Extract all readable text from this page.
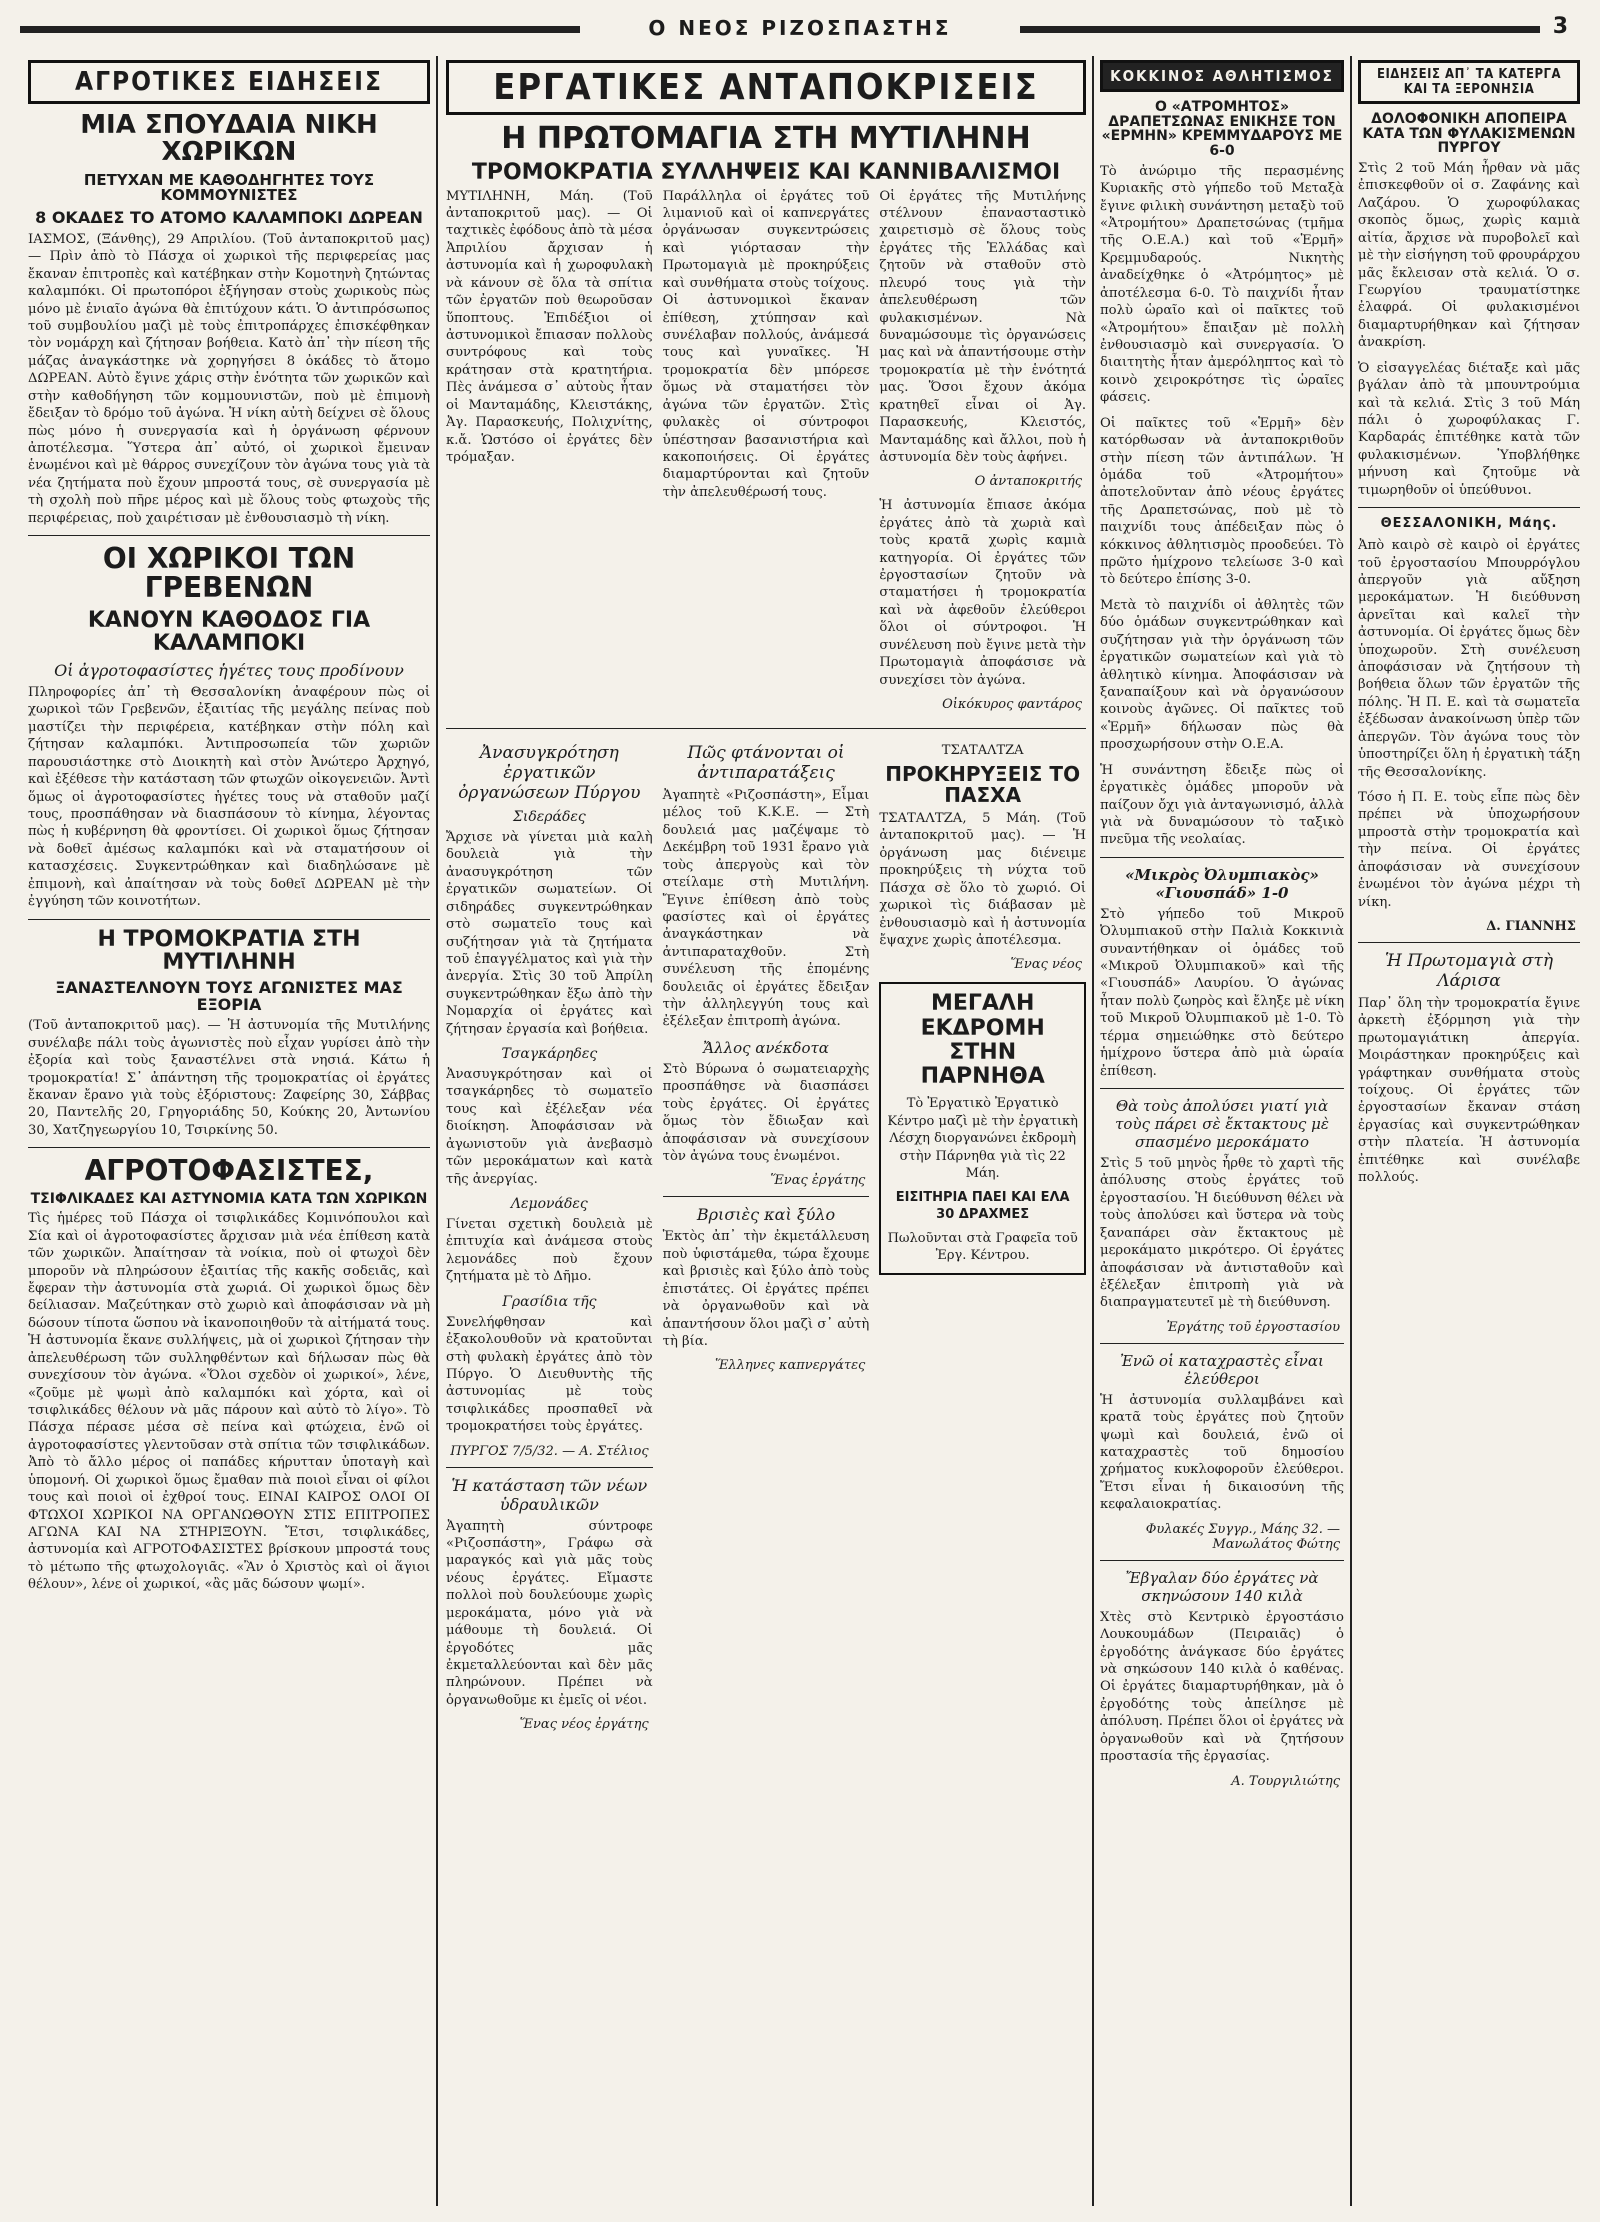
Ο ΝΕΟΣ ΡΙΖΟΣΠΑΣΤΗΣ	3
ΑΓΡΟΤΙΚΕΣ ΕΙΔΗΣΕΙΣ
ΜΙΑ ΣΠΟΥΔΑΙΑ ΝΙΚΗ ΧΩΡΙΚΩΝ
ΠΕΤΥΧΑΝ ΜΕ ΚΑΘΟΔΗΓΗΤΕΣ ΤΟΥΣ ΚΟΜΜΟΥΝΙΣΤΕΣ
8 ΟΚΑΔΕΣ ΤΟ ΑΤΟΜΟ ΚΑΛΑΜΠΟΚΙ ΔΩΡΕΑΝ

ΙΑΣΜΟΣ, (Ξάνθης), 29 Απριλίου. (Τοῦ ἀνταποκριτοῦ μας) — Πρὶν ἀπὸ τὸ Πάσχα οἱ χωρικοὶ τῆς περιφερείας μας ἔκαναν ἐπιτροπὲς καὶ κατέβηκαν στὴν Κομοτηνὴ ζητώντας καλαμπόκι. Οἱ πρωτοπόροι ἐξήγησαν στοὺς χωρικοὺς πὼς μόνο μὲ ἑνιαῖο ἀγώνα θὰ ἐπιτύχουν κάτι. Ὁ ἀντιπρόσωπος τοῦ συμβουλίου μαζὶ μὲ τοὺς ἐπιτροπάρχες ἐπισκέφθηκαν τὸν νομάρχη καὶ ζήτησαν βοήθεια. Κατὸ ἀπ᾽ τὴν πίεση τῆς μάζας ἀναγκάστηκε νὰ χορηγήσει 8 ὀκάδες τὸ ἄτομο ΔΩΡΕΑΝ. Αὐτὸ ἔγινε χάρις στὴν ἑνότητα τῶν χωρικῶν καὶ στὴν καθοδήγηση τῶν κομμουνιστῶν, ποὺ μὲ ἐπιμονὴ ἔδειξαν τὸ δρόμο τοῦ ἀγώνα. Ἡ νίκη αὐτὴ δείχνει σὲ ὅλους πὼς μόνο ἡ συνεργασία καὶ ἡ ὀργάνωση φέρνουν ἀποτέλεσμα. Ὕστερα ἀπ᾽ αὐτό, οἱ χωρικοὶ ἔμειναν ἑνωμένοι καὶ μὲ θάρρος συνεχίζουν τὸν ἀγώνα τους γιὰ τὰ νέα ζητήματα ποὺ ἔχουν μπροστά τους, σὲ συνεργασία μὲ τὴ σχολὴ ποὺ πῆρε μέρος καὶ μὲ ὅλους τοὺς φτωχοὺς τῆς περιφέρειας, ποὺ χαιρέτισαν μὲ ἐνθουσιασμὸ τὴ νίκη.

ΟΙ ΧΩΡΙΚΟΙ ΤΩΝ ΓΡΕΒΕΝΩΝ
ΚΑΝΟΥΝ ΚΑΘΟΔΟΣ ΓΙΑ ΚΑΛΑΜΠΟΚΙ
Οἱ ἀγροτοφασίστες ἡγέτες τους προδίνουν

Πληροφορίες ἀπ᾽ τὴ Θεσσαλονίκη ἀναφέρουν πὼς οἱ χωρικοὶ τῶν Γρεβενῶν, ἐξαιτίας τῆς μεγάλης πείνας ποὺ μαστίζει τὴν περιφέρεια, κατέβηκαν στὴν πόλη καὶ ζήτησαν καλαμπόκι. Ἀντιπροσωπεία τῶν χωριῶν παρουσιάστηκε στὸ Διοικητὴ καὶ στὸν Ἀνώτερο Ἀρχηγό, καὶ ἐξέθεσε τὴν κατάσταση τῶν φτωχῶν οἰκογενειῶν. Ἀντὶ ὅμως οἱ ἀγροτοφασίστες ἡγέτες τους νὰ σταθοῦν μαζί τους, προσπάθησαν νὰ διασπάσουν τὸ κίνημα, λέγοντας πὼς ἡ κυβέρνηση θὰ φροντίσει. Οἱ χωρικοὶ ὅμως ζήτησαν νὰ δοθεῖ ἀμέσως καλαμπόκι καὶ νὰ σταματήσουν οἱ κατασχέσεις. Συγκεντρώθηκαν καὶ διαδηλώσανε μὲ ἐπιμονὴ, καὶ ἀπαίτησαν νὰ τοὺς δοθεῖ ΔΩΡΕΑΝ μὲ τὴν ἐγγύηση τῶν κοινοτήτων.

Η ΤΡΟΜΟΚΡΑΤΙΑ ΣΤΗ ΜΥΤΙΛΗΝΗ
ΞΑΝΑΣΤΕΛΝΟΥΝ ΤΟΥΣ ΑΓΩΝΙΣΤΕΣ ΜΑΣ ΕΞΟΡΙΑ

(Τοῦ ἀνταποκριτοῦ μας). — Ἡ ἀστυνομία τῆς Μυτιλήνης συνέλαβε πάλι τοὺς ἀγωνιστὲς ποὺ εἶχαν γυρίσει ἀπὸ τὴν ἐξορία καὶ τοὺς ξαναστέλνει στὰ νησιά. Κάτω ἡ τρομοκρατία! Σ᾽ ἀπάντηση τῆς τρομοκρατίας οἱ ἐργάτες ἔκαναν ἔρανο γιὰ τοὺς ἐξόριστους: Ζαφείρης 30, Σάββας 20, Παντελῆς 20, Γρηγοριάδης 50, Κούκης 20, Ἀντωνίου 30, Χατζηγεωργίου 10, Τσιρκίνης 50.

ΑΓΡΟΤΟΦΑΣΙΣΤΕΣ,
ΤΣΙΦΛΙΚΑΔΕΣ ΚΑΙ ΑΣΤΥΝΟΜΙΑ ΚΑΤΑ ΤΩΝ ΧΩΡΙΚΩΝ

Τὶς ἡμέρες τοῦ Πάσχα οἱ τσιφλικάδες Κομινόπουλοι καὶ Σία καὶ οἱ ἀγροτοφασίστες ἄρχισαν μιὰ νέα ἐπίθεση κατὰ τῶν χωρικῶν. Ἀπαίτησαν τὰ νοίκια, ποὺ οἱ φτωχοὶ δὲν μποροῦν νὰ πληρώσουν ἐξαιτίας τῆς κακῆς σοδειᾶς, καὶ ἔφεραν τὴν ἀστυνομία στὰ χωριά. Οἱ χωρικοὶ ὅμως δὲν δείλιασαν. Μαζεύτηκαν στὸ χωριὸ καὶ ἀποφάσισαν νὰ μὴ δώσουν τίποτα ὥσπου νὰ ἱκανοποιηθοῦν τὰ αἰτήματά τους. Ἡ ἀστυνομία ἔκανε συλλήψεις, μὰ οἱ χωρικοὶ ζήτησαν τὴν ἀπελευθέρωση τῶν συλληφθέντων καὶ δήλωσαν πὼς θὰ συνεχίσουν τὸν ἀγώνα. «Ὅλοι σχεδὸν οἱ χωρικοί», λένε, «ζοῦμε μὲ ψωμὶ ἀπὸ καλαμπόκι καὶ χόρτα, καὶ οἱ τσιφλικάδες θέλουν νὰ μᾶς πάρουν καὶ αὐτὸ τὸ λίγο». Τὸ Πάσχα πέρασε μέσα σὲ πείνα καὶ φτώχεια, ἐνῶ οἱ ἀγροτοφασίστες γλεντοῦσαν στὰ σπίτια τῶν τσιφλικάδων. Ἀπὸ τὸ ἄλλο μέρος οἱ παπάδες κήρυτταν ὑποταγὴ καὶ ὑπομονή. Οἱ χωρικοὶ ὅμως ἔμαθαν πιὰ ποιοὶ εἶναι οἱ φίλοι τους καὶ ποιοὶ οἱ ἐχθροί τους. ΕΙΝΑΙ ΚΑΙΡΟΣ ΟΛΟΙ ΟΙ ΦΤΩΧΟΙ ΧΩΡΙΚΟΙ ΝΑ ΟΡΓΑΝΩΘΟΥΝ ΣΤΙΣ ΕΠΙΤΡΟΠΕΣ ΑΓΩΝΑ ΚΑΙ ΝΑ ΣΤΗΡΙΞΟΥΝ. Ἔτσι, τσιφλικάδες, ἀστυνομία καὶ ΑΓΡΟΤΟΦΑΣΙΣΤΕΣ βρίσκουν μπροστά τους τὸ μέτωπο τῆς φτωχολογιᾶς. «Ἂν ὁ Χριστὸς καὶ οἱ ἅγιοι θέλουν», λένε οἱ χωρικοί, «ἂς μᾶς δώσουν ψωμί».

ΕΡΓΑΤΙΚΕΣ ΑΝΤΑΠΟΚΡΙΣΕΙΣ
Η ΠΡΩΤΟΜΑΓΙΑ ΣΤΗ ΜΥΤΙΛΗΝΗ
ΤΡΟΜΟΚΡΑΤΙΑ ΣΥΛΛΗΨΕΙΣ ΚΑΙ ΚΑΝΝΙΒΑΛΙΣΜΟΙ

ΜΥΤΙΛΗΝΗ, Μάη. (Τοῦ ἀνταποκριτοῦ μας). — Οἱ ταχτικὲς ἐφόδους ἀπὸ τὰ μέσα Ἀπριλίου ἄρχισαν ἡ ἀστυνομία καὶ ἡ χωροφυλακὴ νὰ κάνουν σὲ ὅλα τὰ σπίτια τῶν ἐργατῶν ποὺ θεωροῦσαν ὕποπτους. Ἐπιδέξιοι οἱ ἀστυνομικοὶ ἔπιασαν πολλοὺς συντρόφους καὶ τοὺς κράτησαν στὰ κρατητήρια. Πὲς ἀνάμεσα σ᾽ αὐτοὺς ἦταν οἱ Μανταμάδης, Κλειστάκης, Ἀγ. Παρασκευής, Πολιχνίτης, κ.ἄ. Ὡστόσο οἱ ἐργάτες δὲν τρόμαξαν.

Παράλληλα οἱ ἐργάτες τοῦ λιμανιοῦ καὶ οἱ καπνεργάτες ὀργάνωσαν συγκεντρώσεις καὶ γιόρτασαν τὴν Πρωτομαγιὰ μὲ προκηρύξεις καὶ συνθήματα στοὺς τοίχους. Οἱ ἀστυνομικοὶ ἔκαναν ἐπίθεση, χτύπησαν καὶ συνέλαβαν πολλούς, ἀνάμεσά τους καὶ γυναῖκες. Ἡ τρομοκρατία δὲν μπόρεσε ὅμως νὰ σταματήσει τὸν ἀγώνα τῶν ἐργατῶν. Στὶς φυλακὲς οἱ σύντροφοι ὑπέστησαν βασανιστήρια καὶ κακοποιήσεις. Οἱ ἐργάτες διαμαρτύρονται καὶ ζητοῦν τὴν ἀπελευθέρωσή τους.

Οἱ ἐργάτες τῆς Μυτιλήνης στέλνουν ἐπανασταστικὸ χαιρετισμὸ σὲ ὅλους τοὺς ἐργάτες τῆς Ἑλλάδας καὶ ζητοῦν νὰ σταθοῦν στὸ πλευρό τους γιὰ τὴν ἀπελευθέρωση τῶν φυλακισμένων. Νὰ δυναμώσουμε τὶς ὀργανώσεις μας καὶ νὰ ἀπαντήσουμε στὴν τρομοκρατία μὲ τὴν ἑνότητά μας. Ὅσοι ἔχουν ἀκόμα κρατηθεῖ εἶναι οἱ Ἀγ. Παρασκευής, Κλειστός, Μανταμάδης καὶ ἄλλοι, ποὺ ἡ ἀστυνομία δὲν τοὺς ἀφήνει.

Ο ἀνταποκριτής

Ἡ ἀστυνομία ἔπιασε ἀκόμα ἐργάτες ἀπὸ τὰ χωριὰ καὶ τοὺς κρατᾶ χωρὶς καμιὰ κατηγορία. Οἱ ἐργάτες τῶν ἐργοστασίων ζητοῦν νὰ σταματήσει ἡ τρομοκρατία καὶ νὰ ἀφεθοῦν ἐλεύθεροι ὅλοι οἱ σύντροφοι. Ἡ συνέλευση ποὺ ἔγινε μετὰ τὴν Πρωτομαγιὰ ἀποφάσισε νὰ συνεχίσει τὸν ἀγώνα.

Οἰκόκυρος φαντάρος
Ἀνασυγκρότηση ἐργατικῶν ὀργανώσεων Πύργου
Σιδεράδες

Ἄρχισε νὰ γίνεται μιὰ καλὴ δουλειὰ γιὰ τὴν ἀνασυγκρότηση τῶν ἐργατικῶν σωματείων. Οἱ σιδηράδες συγκεντρώθηκαν στὸ σωματεῖο τους καὶ συζήτησαν γιὰ τὰ ζητήματα τοῦ ἐπαγγέλματος καὶ γιὰ τὴν ἀνεργία. Στὶς 30 τοῦ Ἀπρίλη συγκεντρώθηκαν ἔξω ἀπὸ τὴν Νομαρχία οἱ ἐργάτες καὶ ζήτησαν ἐργασία καὶ βοήθεια.

Τσαγκάρηδες

Ἀνασυγκρότησαν καὶ οἱ τσαγκάρηδες τὸ σωματεῖο τους καὶ ἐξέλεξαν νέα διοίκηση. Ἀποφάσισαν νὰ ἀγωνιστοῦν γιὰ ἀνεβασμὸ τῶν μεροκάματων καὶ κατὰ τῆς ἀνεργίας.

Λεμονάδες

Γίνεται σχετικὴ δουλειὰ μὲ ἐπιτυχία καὶ ἀνάμεσα στοὺς λεμονάδες ποὺ ἔχουν ζητήματα μὲ τὸ Δῆμο.

Γρασίδια τῆς

Συνελήφθησαν καὶ ἐξακολουθοῦν νὰ κρατοῦνται στὴ φυλακὴ ἐργάτες ἀπὸ τὸν Πύργο. Ὁ Διευθυντὴς τῆς ἀστυνομίας μὲ τοὺς τσιφλικάδες προσπαθεῖ νὰ τρομοκρατήσει τοὺς ἐργάτες.

ΠΥΡΓΟΣ 7/5/32. — Α. Στέλιος
Ἡ κατάσταση τῶν νέων ὑδραυλικῶν

Ἀγαπητὴ σύντροφε «Ριζοσπάστη», Γράφω σὰ μαραγκός καὶ γιὰ μᾶς τοὺς νέους ἐργάτες. Εἴμαστε πολλοὶ ποὺ δουλεύουμε χωρὶς μεροκάματα, μόνο γιὰ νὰ μάθουμε τὴ δουλειά. Οἱ ἐργοδότες μᾶς ἐκμεταλλεύονται καὶ δὲν μᾶς πληρώνουν. Πρέπει νὰ ὀργανωθοῦμε κι ἐμεῖς οἱ νέοι.

Ἕνας νέος ἐργάτης
Πῶς φτάνονται οἱ ἀντιπαρατάξεις

Ἀγαπητὲ «Ριζοσπάστη», Εἶμαι μέλος τοῦ Κ.Κ.Ε. — Στὴ δουλειά μας μαζέψαμε τὸ Δεκέμβρη τοῦ 1931 ἔρανο γιὰ τοὺς ἀπεργοὺς καὶ τὸν στείλαμε στὴ Μυτιλήνη. Ἔγινε ἐπίθεση ἀπὸ τοὺς φασίστες καὶ οἱ ἐργάτες ἀναγκάστηκαν νὰ ἀντιπαραταχθοῦν. Στὴ συνέλευση τῆς ἑπομένης δουλειᾶς οἱ ἐργάτες ἔδειξαν τὴν ἀλληλεγγύη τους καὶ ἐξέλεξαν ἐπιτροπὴ ἀγώνα.

Ἄλλος ανέκδοτα

Στὸ Βύρωνα ὁ σωματειαρχὴς προσπάθησε νὰ διασπάσει τοὺς ἐργάτες. Οἱ ἐργάτες ὅμως τὸν ἔδιωξαν καὶ ἀποφάσισαν νὰ συνεχίσουν τὸν ἀγώνα τους ἑνωμένοι.

Ἕνας ἐργάτης
Βρισιὲς καὶ ξύλο

Ἐκτὸς ἀπ᾽ τὴν ἐκμετάλλευση ποὺ ὑφιστάμεθα, τώρα ἔχουμε καὶ βρισιὲς καὶ ξύλο ἀπὸ τοὺς ἐπιστάτες. Οἱ ἐργάτες πρέπει νὰ ὀργανωθοῦν καὶ νὰ ἀπαντήσουν ὅλοι μαζὶ σ᾽ αὐτὴ τὴ βία.

Ἕλληνες καπνεργάτες
ΤΣΑΤΑΛΤΖΑ
ΠΡΟΚΗΡΥΞΕΙΣ ΤΟ ΠΑΣΧΑ

ΤΣΑΤΑΛΤΖΑ, 5 Μάη. (Τοῦ ἀνταποκριτοῦ μας). — Ἡ ὀργάνωση μας διένειμε προκηρύξεις τὴ νύχτα τοῦ Πάσχα σὲ ὅλο τὸ χωριό. Οἱ χωρικοὶ τὶς διάβασαν μὲ ἐνθουσιασμὸ καὶ ἡ ἀστυνομία ἔψαχνε χωρὶς ἀποτέλεσμα.

Ἕνας νέος
ΜΕΓΑΛΗ ΕΚΔΡΟΜΗ ΣΤΗΝ ΠΑΡΝΗΘΑ
Τὸ Ἐργατικὸ Ἐργατικὸ Κέντρο μαζὶ μὲ τὴν ἐργατικὴ Λέσχη διοργανώνει ἐκδρομὴ στὴν Πάρνηθα γιὰ τὶς 22 Μάη.
ΕΙΣΙΤΗΡΙΑ ΠΑΕΙ ΚΑΙ ΕΛΑ 30 ΔΡΑΧΜΕΣ
Πωλοῦνται στὰ Γραφεῖα τοῦ Ἐργ. Κέντρου.
ΚΟΚΚΙΝΟΣ ΑΘΛΗΤΙΣΜΟΣ
Ο «ΑΤΡΟΜΗΤΟΣ» ΔΡΑΠΕΤΣΩΝΑΣ ΕΝΙΚΗΣΕ ΤΟΝ «ΕΡΜΗΝ» ΚΡΕΜΜΥΔΑΡΟΥΣ ΜΕ 6-0

Τὸ ἀνώριμο τῆς περασμένης Κυριακῆς στὸ γήπεδο τοῦ Μεταξὰ ἔγινε φιλικὴ συνάντηση μεταξὺ τοῦ «Ἀτρομήτου» Δραπετσώνας (τμῆμα τῆς Ο.Ε.Α.) καὶ τοῦ «Ἑρμῆ» Κρεμμυδαρούς. Νικητὴς ἀναδείχθηκε ὁ «Ἀτρόμητος» μὲ ἀποτέλεσμα 6-0. Τὸ παιχνίδι ἦταν πολὺ ὡραῖο καὶ οἱ παῖκτες τοῦ «Ἀτρομήτου» ἔπαιξαν μὲ πολλὴ ἐνθουσιασμὸ καὶ συνεργασία. Ὁ διαιτητὴς ἦταν ἀμερόληπτος καὶ τὸ κοινὸ χειροκρότησε τὶς ὡραῖες φάσεις.

Οἱ παῖκτες τοῦ «Ἑρμῆ» δὲν κατόρθωσαν νὰ ἀνταποκριθοῦν στὴν πίεση τῶν ἀντιπάλων. Ἡ ὁμάδα τοῦ «Ἀτρομήτου» ἀποτελοῦνταν ἀπὸ νέους ἐργάτες τῆς Δραπετσώνας, ποὺ μὲ τὸ παιχνίδι τους ἀπέδειξαν πὼς ὁ κόκκινος ἀθλητισμὸς προοδεύει. Τὸ πρῶτο ἡμίχρονο τελείωσε 3-0 καὶ τὸ δεύτερο ἐπίσης 3-0.

Μετὰ τὸ παιχνίδι οἱ ἀθλητὲς τῶν δύο ὁμάδων συγκεντρώθηκαν καὶ συζήτησαν γιὰ τὴν ὀργάνωση τῶν ἐργατικῶν σωματείων καὶ γιὰ τὸ ἀθλητικὸ κίνημα. Ἀποφάσισαν νὰ ξαναπαίξουν καὶ νὰ ὀργανώσουν κοινοὺς ἀγῶνες. Οἱ παῖκτες τοῦ «Ἑρμῆ» δήλωσαν πὼς θὰ προσχωρήσουν στὴν Ο.Ε.Α.

Ἡ συνάντηση ἔδειξε πὼς οἱ ἐργατικὲς ὁμάδες μποροῦν νὰ παίζουν ὄχι γιὰ ἀνταγωνισμό, ἀλλὰ γιὰ νὰ δυναμώσουν τὸ ταξικὸ πνεῦμα τῆς νεολαίας.

«Μικρὸς Ὀλυμπιακὸς» «Γιουσπάδ» 1-0

Στὸ γήπεδο τοῦ Μικροῦ Ὀλυμπιακοῦ στὴν Παλιὰ Κοκκινιὰ συναντήθηκαν οἱ ὁμάδες τοῦ «Μικροῦ Ὀλυμπιακοῦ» καὶ τῆς «Γιουσπάδ» Λαυρίου. Ὁ ἀγώνας ἦταν πολὺ ζωηρὸς καὶ ἔληξε μὲ νίκη τοῦ Μικροῦ Ὀλυμπιακοῦ μὲ 1-0. Τὸ τέρμα σημειώθηκε στὸ δεύτερο ἡμίχρονο ὕστερα ἀπὸ μιὰ ὡραία ἐπίθεση.

Θὰ τοὺς ἀπολύσει γιατί γιὰ τοὺς πάρει σὲ ἔκτακτους μὲ σπασμένο μεροκάματο

Στὶς 5 τοῦ μηνὸς ἦρθε τὸ χαρτὶ τῆς ἀπόλυσης στοὺς ἐργάτες τοῦ ἐργοστασίου. Ἡ διεύθυνση θέλει νὰ τοὺς ἀπολύσει καὶ ὕστερα νὰ τοὺς ξαναπάρει σὰν ἔκτακτους μὲ μεροκάματο μικρότερο. Οἱ ἐργάτες ἀποφάσισαν νὰ ἀντισταθοῦν καὶ ἐξέλεξαν ἐπιτροπὴ γιὰ νὰ διαπραγματευτεῖ μὲ τὴ διεύθυνση.

Ἐργάτης τοῦ ἐργοστασίου
Ἐνῶ οἱ καταχραστὲς εἶναι ἐλεύθεροι

Ἡ ἀστυνομία συλλαμβάνει καὶ κρατᾶ τοὺς ἐργάτες ποὺ ζητοῦν ψωμὶ καὶ δουλειά, ἐνῶ οἱ καταχραστὲς τοῦ δημοσίου χρήματος κυκλοφοροῦν ἐλεύθεροι. Ἔτσι εἶναι ἡ δικαιοσύνη τῆς κεφαλαιοκρατίας.

Φυλακές Συγγρ., Μάης 32. — Μανωλάτος Φώτης
Ἔβγαλαν δύο ἐργάτες νὰ σκηνώσουν 140 κιλὰ

Χτὲς στὸ Κεντρικὸ ἐργοστάσιο Λουκουμάδων (Πειραιᾶς) ὁ ἐργοδότης ἀνάγκασε δύο ἐργάτες νὰ σηκώσουν 140 κιλὰ ὁ καθένας. Οἱ ἐργάτες διαμαρτυρήθηκαν, μὰ ὁ ἐργοδότης τοὺς ἀπείλησε μὲ ἀπόλυση. Πρέπει ὅλοι οἱ ἐργάτες νὰ ὀργανωθοῦν καὶ νὰ ζητήσουν προστασία τῆς ἐργασίας.

Α. Τουργιλιώτης
ΕΙΔΗΣΕΙΣ ΑΠ᾽ ΤΑ ΚΑΤΕΡΓΑ ΚΑΙ ΤΑ ΞΕΡΟΝΗΣΙΑ
ΔΟΛΟΦΟΝΙΚΗ ΑΠΟΠΕΙΡΑ ΚΑΤΑ ΤΩΝ ΦΥΛΑΚΙΣΜΕΝΩΝ ΠΥΡΓΟΥ

Στὶς 2 τοῦ Μάη ἦρθαν νὰ μᾶς ἐπισκεφθοῦν οἱ σ. Ζαφάνης καὶ Λαζάρου. Ὁ χωροφύλακας σκοπὸς ὅμως, χωρὶς καμιὰ αἰτία, ἄρχισε νὰ πυροβολεῖ καὶ μὲ τὴν εἰσήγηση τοῦ φρουράρχου μᾶς ἔκλεισαν στὰ κελιά. Ὁ σ. Γεωργίου τραυματίστηκε ἐλαφρά. Οἱ φυλακισμένοι διαμαρτυρήθηκαν καὶ ζήτησαν ἀνακρίση.

Ὁ εἰσαγγελέας διέταξε καὶ μᾶς βγάλαν ἀπὸ τὰ μπουντρούμια καὶ τὰ κελιά. Στὶς 3 τοῦ Μάη πάλι ὁ χωροφύλακας Γ. Καρδαράς ἐπιτέθηκε κατὰ τῶν φυλακισμένων. Ὑποβλήθηκε μήνυση καὶ ζητοῦμε νὰ τιμωρηθοῦν οἱ ὑπεύθυνοι.

ΘΕΣΣΑΛΟΝΙΚΗ, Μάης.

Ἀπὸ καιρὸ σὲ καιρὸ οἱ ἐργάτες τοῦ ἐργοστασίου Μπουρρόγλου ἀπεργοῦν γιὰ αὔξηση μεροκάματων. Ἡ διεύθυνση ἀρνεῖται καὶ καλεῖ τὴν ἀστυνομία. Οἱ ἐργάτες ὅμως δὲν ὑποχωροῦν. Στὴ συνέλευση ἀποφάσισαν νὰ ζητήσουν τὴ βοήθεια ὅλων τῶν ἐργατῶν τῆς πόλης. Ἡ Π. Ε. καὶ τὰ σωματεῖα ἐξέδωσαν ἀνακοίνωση ὑπὲρ τῶν ἀπεργῶν. Τὸν ἀγώνα τους τὸν ὑποστηρίζει ὅλη ἡ ἐργατικὴ τάξη τῆς Θεσσαλονίκης.

Τόσο ἡ Π. Ε. τοὺς εἶπε πὼς δὲν πρέπει νὰ ὑποχωρήσουν μπροστὰ στὴν τρομοκρατία καὶ τὴν πείνα. Οἱ ἐργάτες ἀποφάσισαν νὰ συνεχίσουν ἑνωμένοι τὸν ἀγώνα μέχρι τὴ νίκη.

Δ. ΓΙΑΝΝΗΣ
Ἡ Πρωτομαγιὰ στὴ Λάρισα

Παρ᾽ ὅλη τὴν τρομοκρατία ἔγινε ἀρκετὴ ἐξόρμηση γιὰ τὴν πρωτομαγιάτικη ἀπεργία. Μοιράστηκαν προκηρύξεις καὶ γράφτηκαν συνθήματα στοὺς τοίχους. Οἱ ἐργάτες τῶν ἐργοστασίων ἔκαναν στάση ἐργασίας καὶ συγκεντρώθηκαν στὴν πλατεία. Ἡ ἀστυνομία ἐπιτέθηκε καὶ συνέλαβε πολλούς.
